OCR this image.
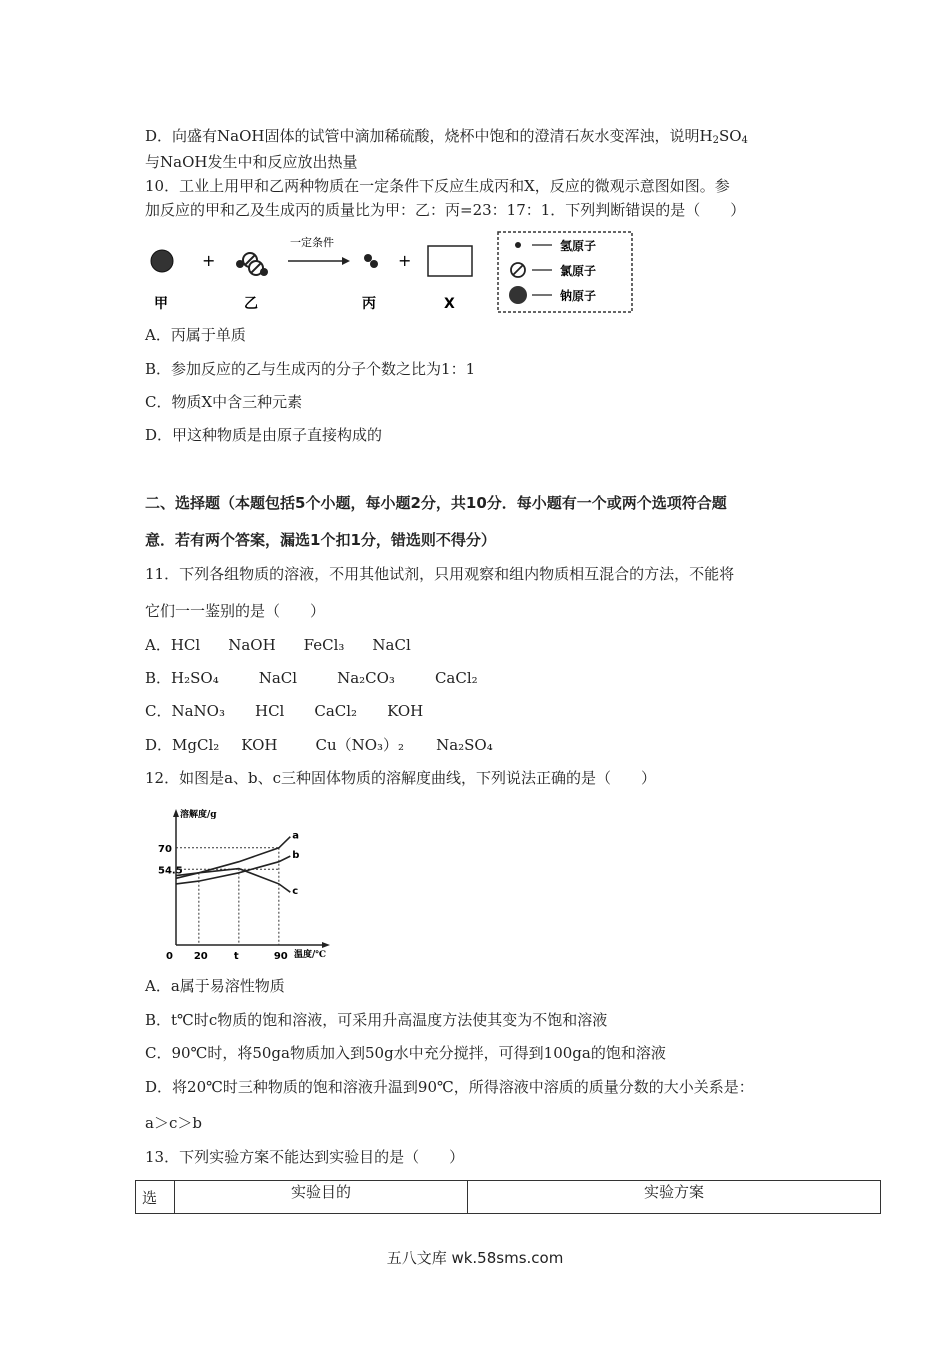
D．向盛有NaOH固体的试管中滴加稀硫酸，烧杯中饱和的澄清石灰水变浑浊，说明$H_2SO_4$
与NaOH发生中和反应放出热量
10．工业上用甲和乙两种物质在一定条件下反应生成丙和X，反应的微观示意图如图。参
加反应的甲和乙及生成丙的质量比为甲：乙：丙=23：17：1．下列判断错误的是（　　）
+
一定条件
+
甲	乙	丙	X
氢原子
氯原子
钠原子
A．丙属于单质
B．参加反应的乙与生成丙的分子个数之比为1：1
C．物质X中含三种元素
D．甲这种物质是由原子直接构成的
二、选择题（本题包括5个小题，每小题2分，共10分．每小题有一个或两个选项符合题
意．若有两个答案，漏选1个扣1分，错选则不得分）
11．下列各组物质的溶液，不用其他试剂，只用观察和组内物质相互混合的方法，不能将
它们一一鉴别的是（　　）
A．HCl NaOH FeCl₃ NaCl
B．H₂SO₄	NaCl	Na₂CO₃	CaCl₂
C．NaNO₃ HCl CaCl₂ KOH
D．MgCl₂ KOH	Cu（NO₃）₂ Na₂SO₄
12．如图是a、b、c三种固体物质的溶解度曲线，下列说法正确的是（　　）
溶解度/g
温度/℃
0 20	t	90
54.5
70
a
b
c
A．a属于易溶性物质
B．t℃时c物质的饱和溶液，可采用升高温度方法使其变为不饱和溶液
C．90℃时，将50ga物质加入到50g水中充分搅拌，可得到100ga的饱和溶液
D．将20℃时三种物质的饱和溶液升温到90℃，所得溶液中溶质的质量分数的大小关系是：
a＞c＞b
13．下列实验方案不能达到实验目的是（　　）
选	实验目的	实验方案
五八文库 wk.58sms.com
